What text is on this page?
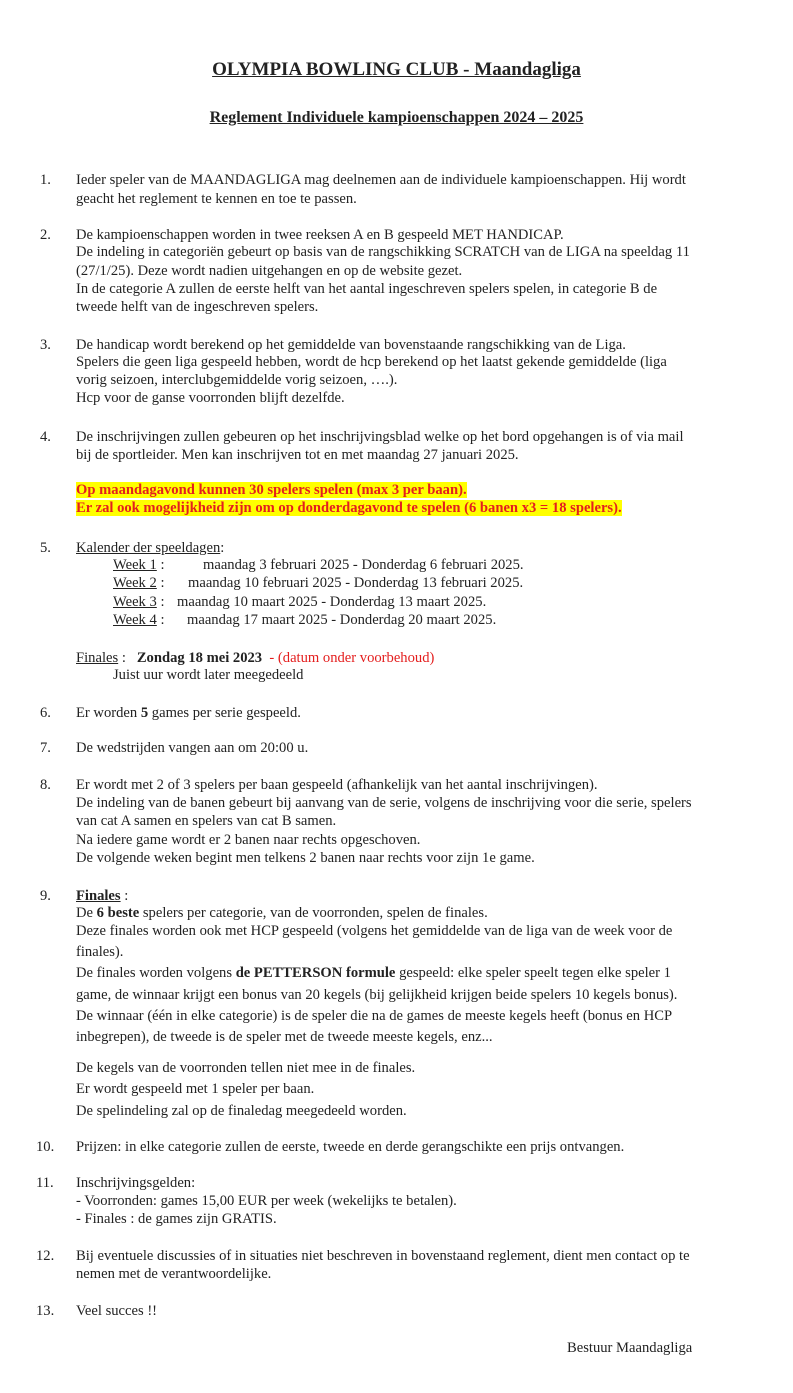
OLYMPIA BOWLING CLUB - Maandagliga
Reglement Individuele kampioenschappen 2024 – 2025
1. Ieder speler van de MAANDAGLIGA mag deelnemen aan de individuele kampioenschappen. Hij wordt
geacht het reglement te kennen en toe te passen.
2. De kampioenschappen worden in twee reeksen A en B gespeeld MET HANDICAP.
De indeling in categoriën gebeurt op basis van de rangschikking SCRATCH van de LIGA na speeldag 11
(27/1/25). Deze wordt nadien uitgehangen en op de website gezet.
In de categorie A zullen de eerste helft van het aantal ingeschreven spelers spelen, in categorie B de
tweede helft van de ingeschreven spelers.
3. De handicap wordt berekend op het gemiddelde van bovenstaande rangschikking van de Liga.
Spelers die geen liga gespeeld hebben, wordt de hcp berekend op het laatst gekende gemiddelde (liga
vorig seizoen, interclubgemiddelde vorig seizoen, ….).
Hcp voor de ganse voorronden blijft dezelfde.
4. De inschrijvingen zullen gebeuren op het inschrijvingsblad welke op het bord opgehangen is of via mail
bij de sportleider. Men kan inschrijven tot en met maandag 27 januari 2025.
Op maandagavond kunnen 30 spelers spelen (max 3 per baan).
Er zal ook mogelijkheid zijn om op donderdagavond te spelen (6 banen x3 = 18 spelers).
5. Kalender der speeldagen:
Week 1 :	maandag 3 februari 2025 - Donderdag 6 februari 2025.
Week 2 : maandag 10 februari 2025 - Donderdag 13 februari 2025.
Week 3 : maandag 10 maart 2025 - Donderdag 13 maart 2025.
Week 4 : maandag 17 maart 2025 - Donderdag 20 maart 2025.
Finales : Zondag 18 mei 2023 - (datum onder voorbehoud)
Juist uur wordt later meegedeeld
6. Er worden 5 games per serie gespeeld.
7. De wedstrijden vangen aan om 20:00 u.
8. Er wordt met 2 of 3 spelers per baan gespeeld (afhankelijk van het aantal inschrijvingen).
De indeling van de banen gebeurt bij aanvang van de serie, volgens de inschrijving voor die serie, spelers
van cat A samen en spelers van cat B samen.
Na iedere game wordt er 2 banen naar rechts opgeschoven.
De volgende weken begint men telkens 2 banen naar rechts voor zijn 1e game.
9. Finales :
De 6 beste spelers per categorie, van de voorronden, spelen de finales.
Deze finales worden ook met HCP gespeeld (volgens het gemiddelde van de liga van de week voor de
finales).
De finales worden volgens de PETTERSON formule gespeeld: elke speler speelt tegen elke speler 1
game, de winnaar krijgt een bonus van 20 kegels (bij gelijkheid krijgen beide spelers 10 kegels bonus).
De winnaar (één in elke categorie) is de speler die na de games de meeste kegels heeft (bonus en HCP
inbegrepen), de tweede is de speler met de tweede meeste kegels, enz...
De kegels van de voorronden tellen niet mee in de finales.
Er wordt gespeeld met 1 speler per baan.
De spelindeling zal op de finaledag meegedeeld worden.
10. Prijzen: in elke categorie zullen de eerste, tweede en derde gerangschikte een prijs ontvangen.
11. Inschrijvingsgelden:
- Voorronden: games 15,00 EUR per week (wekelijks te betalen).
- Finales : de games zijn GRATIS.
12. Bij eventuele discussies of in situaties niet beschreven in bovenstaand reglement, dient men contact op te
nemen met de verantwoordelijke.
13. Veel succes !!
Bestuur Maandagliga
